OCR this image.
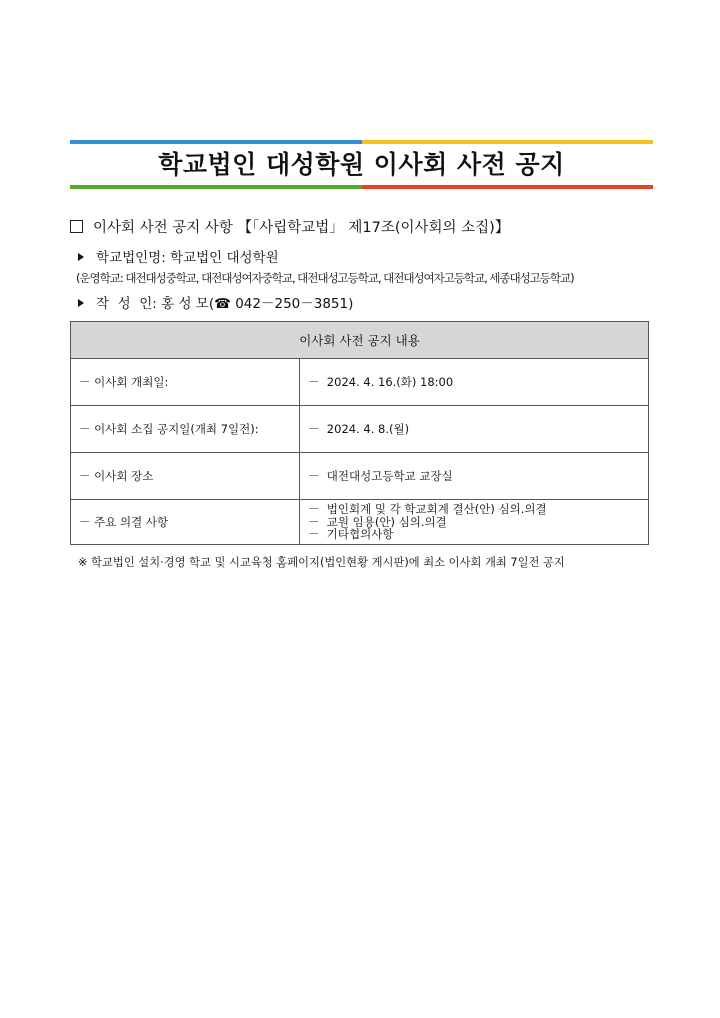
학교법인 대성학원 이사회 사전 공지
이사회 사전 공지 사항 【「사립학교법」 제17조(이사회의 소집)】
학교법인명: 학교법인 대성학원
(운영학교: 대전대성중학교, 대전대성여자중학교, 대전대성고등학교, 대전대성여자고등학교, 세종대성고등학교)
작  성  인: 홍 성 모(☎ 042－250－3851)
이사회 사전 공지 내용	
－ 이사회 개최일:	－  2024. 4. 16.(화) 18:00
－ 이사회 소집 공지일(개최 7일전):	－  2024. 4. 8.(월)
－ 이사회 장소	－  대전대성고등학교 교장실
－ 주요 의결 사항	－  법인회계 및 각 학교회계 결산(안) 심의.의결
－  교원 임용(안) 심의.의결
－  기타협의사항
※ 학교법인 설치·경영 학교 및 시교육청 홈페이지(법인현황 게시판)에 최소 이사회 개최 7일전 공지
